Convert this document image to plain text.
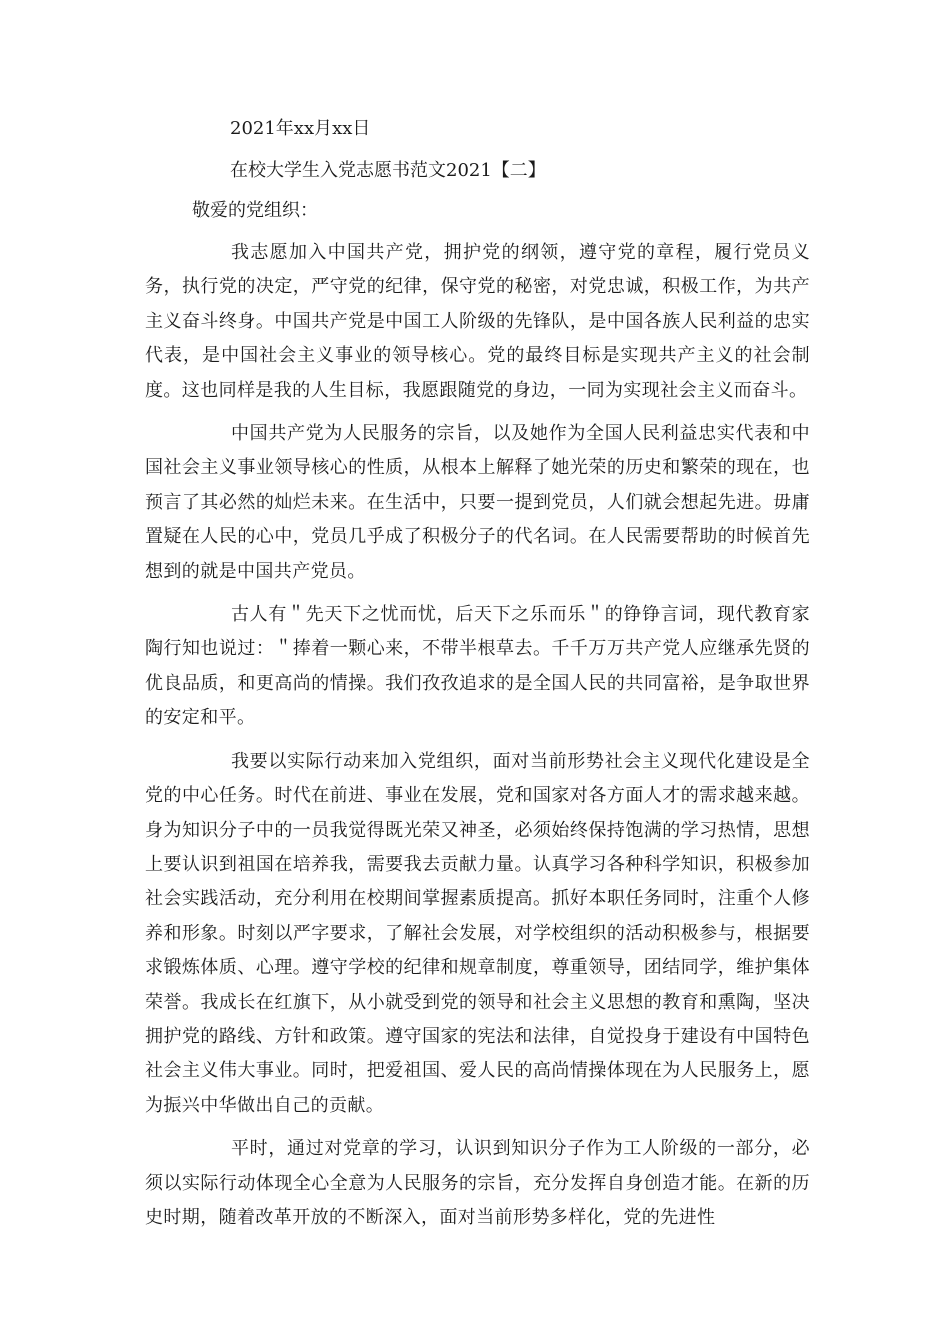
2021年xx月xx日
在校大学生入党志愿书范文2021【二】
敬爱的党组织：

我志愿加入中国共产党，拥护党的纲领，遵守党的章程，履行党员义务，执行党的决定，严守党的纪律，保守党的秘密，对党忠诚，积极工作，为共产主义奋斗终身。中国共产党是中国工人阶级的先锋队，是中国各族人民利益的忠实代表，是中国社会主义事业的领导核心。党的最终目标是实现共产主义的社会制度。这也同样是我的人生目标，我愿跟随党的身边，一同为实现社会主义而奋斗。

中国共产党为人民服务的宗旨，以及她作为全国人民利益忠实代表和中国社会主义事业领导核心的性质，从根本上解释了她光荣的历史和繁荣的现在，也预言了其必然的灿烂未来。在生活中，只要一提到党员，人们就会想起先进。毋庸置疑在人民的心中，党员几乎成了积极分子的代名词。在人民需要帮助的时候首先想到的就是中国共产党员。

古人有＂先天下之忧而忧，后天下之乐而乐＂的铮铮言词，现代教育家陶行知也说过：＂捧着一颗心来，不带半根草去。千千万万共产党人应继承先贤的优良品质，和更高尚的情操。我们孜孜追求的是全国人民的共同富裕，是争取世界的安定和平。

我要以实际行动来加入党组织，面对当前形势社会主义现代化建设是全党的中心任务。时代在前进、事业在发展，党和国家对各方面人才的需求越来越。身为知识分子中的一员我觉得既光荣又神圣，必须始终保持饱满的学习热情，思想上要认识到祖国在培养我，需要我去贡献力量。认真学习各种科学知识，积极参加社会实践活动，充分利用在校期间掌握素质提高。抓好本职任务同时，注重个人修养和形象。时刻以严字要求，了解社会发展，对学校组织的活动积极参与，根据要求锻炼体质、心理。遵守学校的纪律和规章制度，尊重领导，团结同学，维护集体荣誉。我成长在红旗下，从小就受到党的领导和社会主义思想的教育和熏陶，坚决拥护党的路线、方针和政策。遵守国家的宪法和法律，自觉投身于建设有中国特色社会主义伟大事业。同时，把爱祖国、爱人民的高尚情操体现在为人民服务上，愿为振兴中华做出自己的贡献。

平时，通过对党章的学习，认识到知识分子作为工人阶级的一部分，必须以实际行动体现全心全意为人民服务的宗旨，充分发挥自身创造才能。在新的历史时期，随着改革开放的不断深入，面对当前形势多样化，党的先进性
